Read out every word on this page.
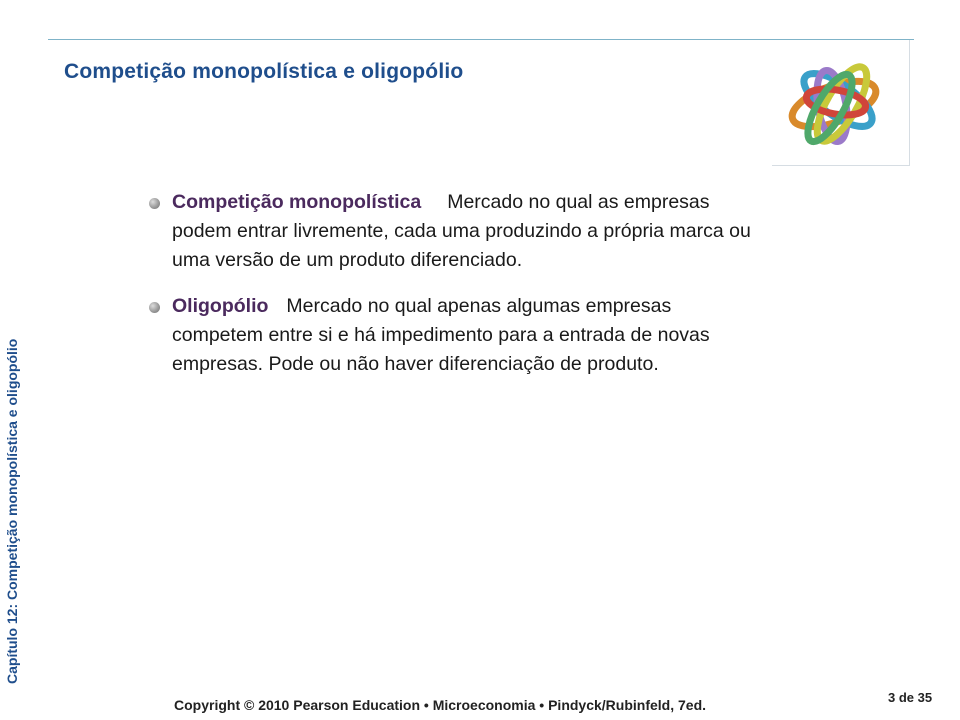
Competição monopolística e oligopólio
Capítulo 12: Competição monopolística e oligopólio
Competição monopolística Mercado no qual as empresas podem entrar livremente, cada uma produzindo a própria marca ou uma versão de um produto diferenciado.
Oligopólio Mercado no qual apenas algumas empresas competem entre si e há impedimento para a entrada de novas empresas. Pode ou não haver diferenciação de produto.
Copyright © 2010 Pearson Education • Microeconomia • Pindyck/Rubinfeld, 7ed.	3 de 35
